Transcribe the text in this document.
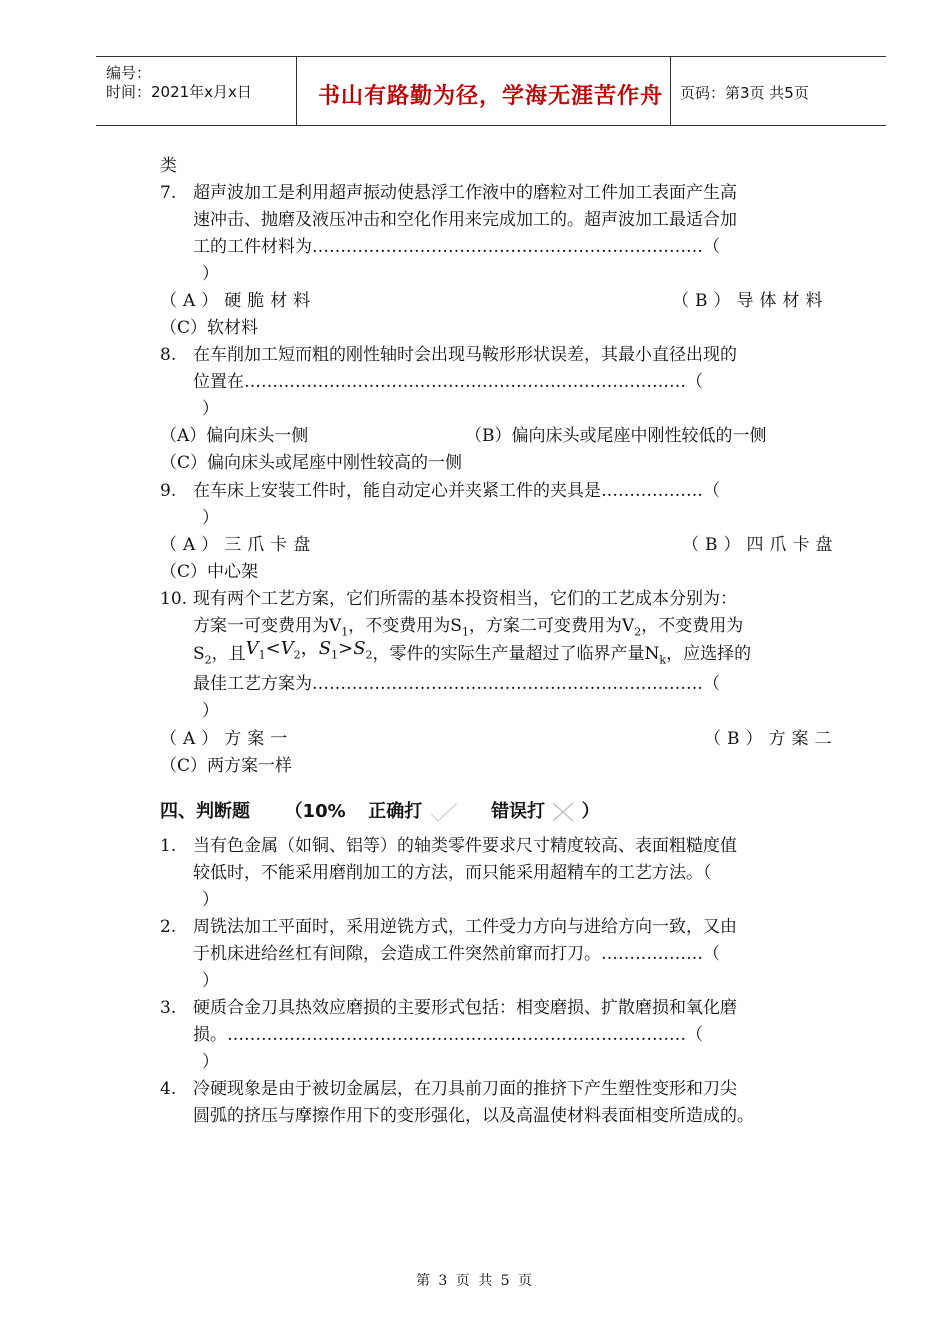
编号：
时间：2021年x月x日	书山有路勤为径，学海无涯苦作舟 页码：第3页 共5页
类
7. 超声波加工是利用超声振动使悬浮工作液中的磨粒对工件加工表面产生高
速冲击、抛磨及液压冲击和空化作用来完成加工的。超声波加工最适合加
工的工件材料为……………………………………………………………（
）
（A）硬脆材料	（B）导体材料
（C）软材料
8. 在车削加工短而粗的刚性轴时会出现马鞍形形状误差，其最小直径出现的
位置在……………………………………………………………………（
）
（A）偏向床头一侧	（B）偏向床头或尾座中刚性较低的一侧
（C）偏向床头或尾座中刚性较高的一侧
9. 在车床上安装工件时，能自动定心并夹紧工件的夹具是………………（
）
（A）三爪卡盘	（B）四爪卡盘
（C）中心架
10. 现有两个工艺方案，它们所需的基本投资相当，它们的工艺成本分别为：
方案一可变费用为$V_1$，不变费用为$S_1$，方案二可变费用为$V_2$，不变费用为
$S_2$，且$V_1<V_2$，$S_1>S_2$，零件的实际生产量超过了临界产量$N_k$，应选择的
最佳工艺方案为……………………………………………………………（
）
（A）方案一	（B）方案二
（C）两方案一样
四、判断题 （10% 正确打	错误打 ）
1. 当有色金属（如铜、铝等）的轴类零件要求尺寸精度较高、表面粗糙度值
较低时，不能采用磨削加工的方法，而只能采用超精车的工艺方法。（
）
2. 周铣法加工平面时，采用逆铣方式，工件受力方向与进给方向一致，又由
于机床进给丝杠有间隙，会造成工件突然前窜而打刀。………………（
）
3. 硬质合金刀具热效应磨损的主要形式包括：相变磨损、扩散磨损和氧化磨
损。………………………………………………………………………（
）
4. 冷硬现象是由于被切金属层，在刀具前刀面的推挤下产生塑性变形和刀尖
圆弧的挤压与摩擦作用下的变形强化，以及高温使材料表面相变所造成的。
第 3 页 共 5 页
